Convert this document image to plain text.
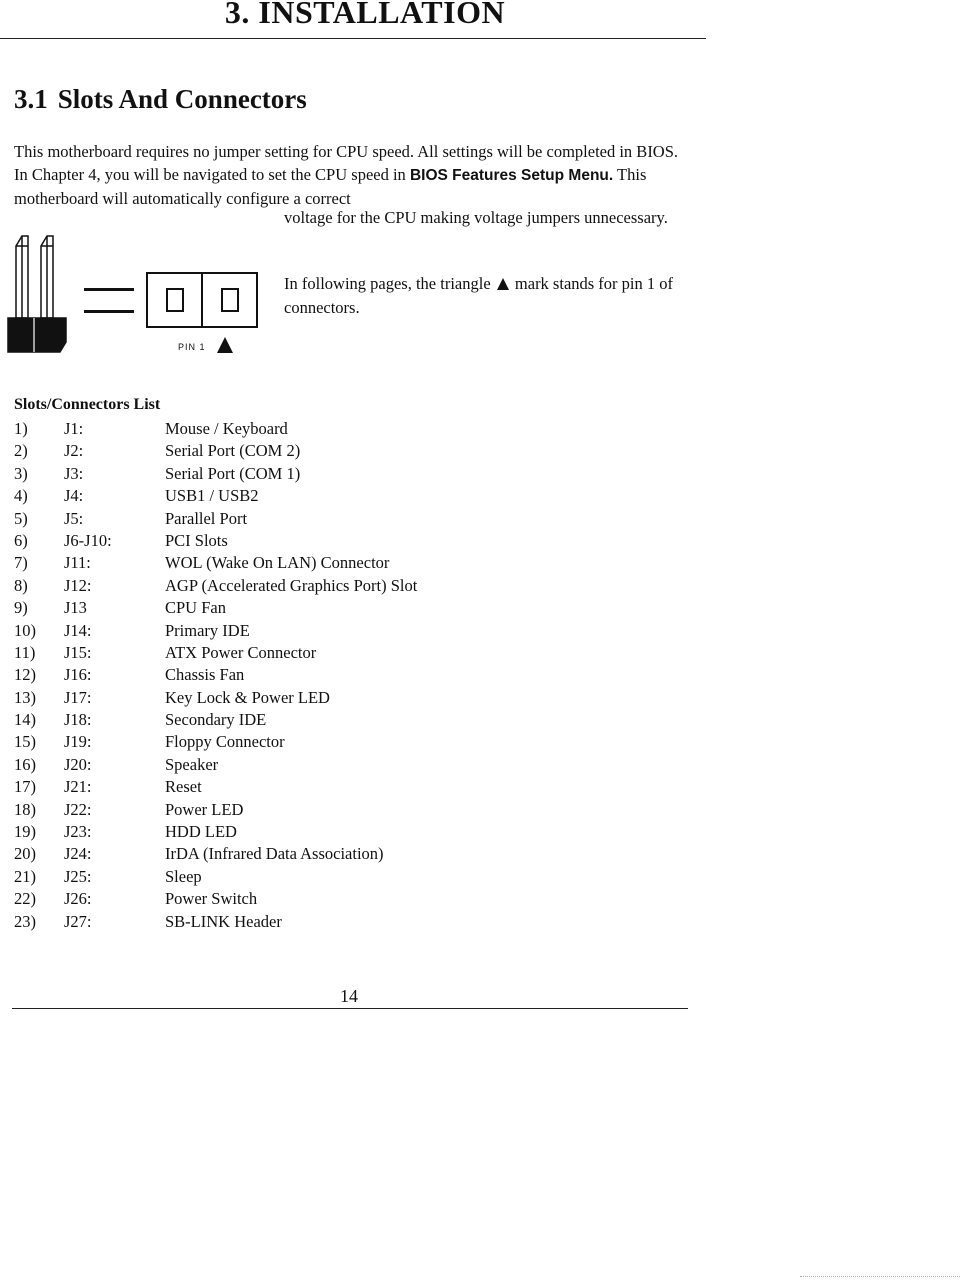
3. INSTALLATION
3.1 Slots And Connectors

This motherboard requires no jumper setting for CPU speed. All settings will be completed in BIOS. In Chapter 4, you will be navigated to set the CPU speed in BIOS Features Setup Menu. This motherboard will automatically configure a correct

voltage for the CPU making voltage jumpers unnecessary.

In following pages, the triangle mark stands for pin 1 of connectors.

PIN 1
Slots/Connectors List
1) J1:	Mouse / Keyboard
2) J2:	Serial Port (COM 2)
3) J3:	Serial Port (COM 1)
4) J4:	USB1 / USB2
5) J5:	Parallel Port
6) J6-J10:	PCI Slots
7) J11:	WOL (Wake On LAN) Connector
8) J12:	AGP (Accelerated Graphics Port) Slot
9) J13	CPU Fan
10) J14:	Primary IDE
11) J15:	ATX Power Connector
12) J16:	Chassis Fan
13) J17:	Key Lock & Power LED
14) J18:	Secondary IDE
15) J19:	Floppy Connector
16) J20:	Speaker
17) J21:	Reset
18) J22:	Power LED
19) J23:	HDD LED
20) J24:	IrDA (Infrared Data Association)
21) J25:	Sleep
22) J26:	Power Switch
23) J27:	SB-LINK Header
14
